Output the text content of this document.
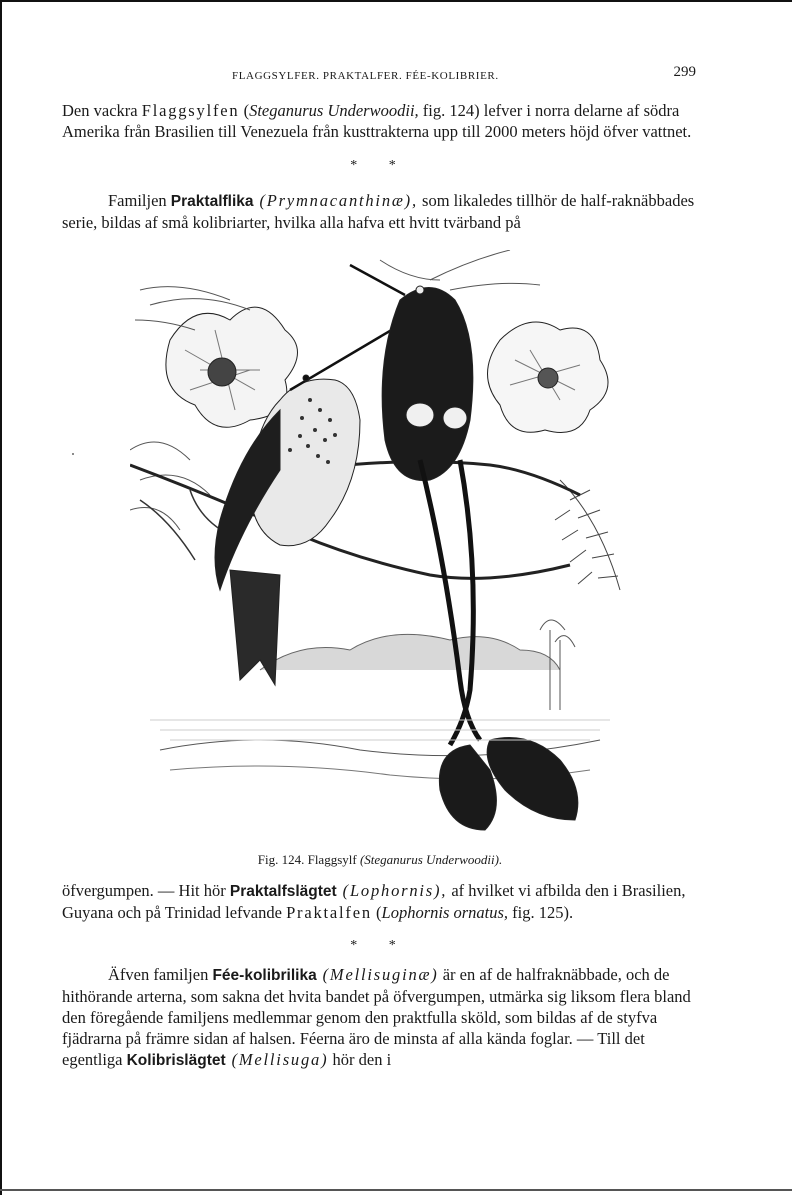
FLAGGSYLFER. PRAKTALFER. FÉE-KOLIBRIER.	299

Den vackra Flaggsylfen (Steganurus Underwoodii, fig. 124) lefver i norra delarne af södra Amerika från Brasilien till Venezuela från kusttrakterna upp till 2000 meters höjd öfver vattnet.

* *

Familjen Praktalflika (Prymnacanthinæ), som likaledes tillhör de half-raknäbbades serie, bildas af små kolibriarter, hvilka alla hafva ett hvitt tvärband på

Fig. 124. Flaggsylf (Steganurus Underwoodii).

öfvergumpen. — Hit hör Praktalfslägtet (Lophornis), af hvilket vi afbilda den i Brasilien, Guyana och på Trinidad lefvande Praktalfen (Lophornis ornatus, fig. 125).

* *

Äfven familjen Fée-kolibrilika (Mellisuginæ) är en af de halfraknäbbade, och de hithörande arterna, som sakna det hvita bandet på öfvergumpen, utmärka sig liksom flera bland den föregående familjens medlemmar genom den praktfulla sköld, som bildas af de styfva fjädrarna på främre sidan af halsen. Féerna äro de minsta af alla kända foglar. — Till det egentliga Kolibrislägtet (Mellisuga) hör den i
